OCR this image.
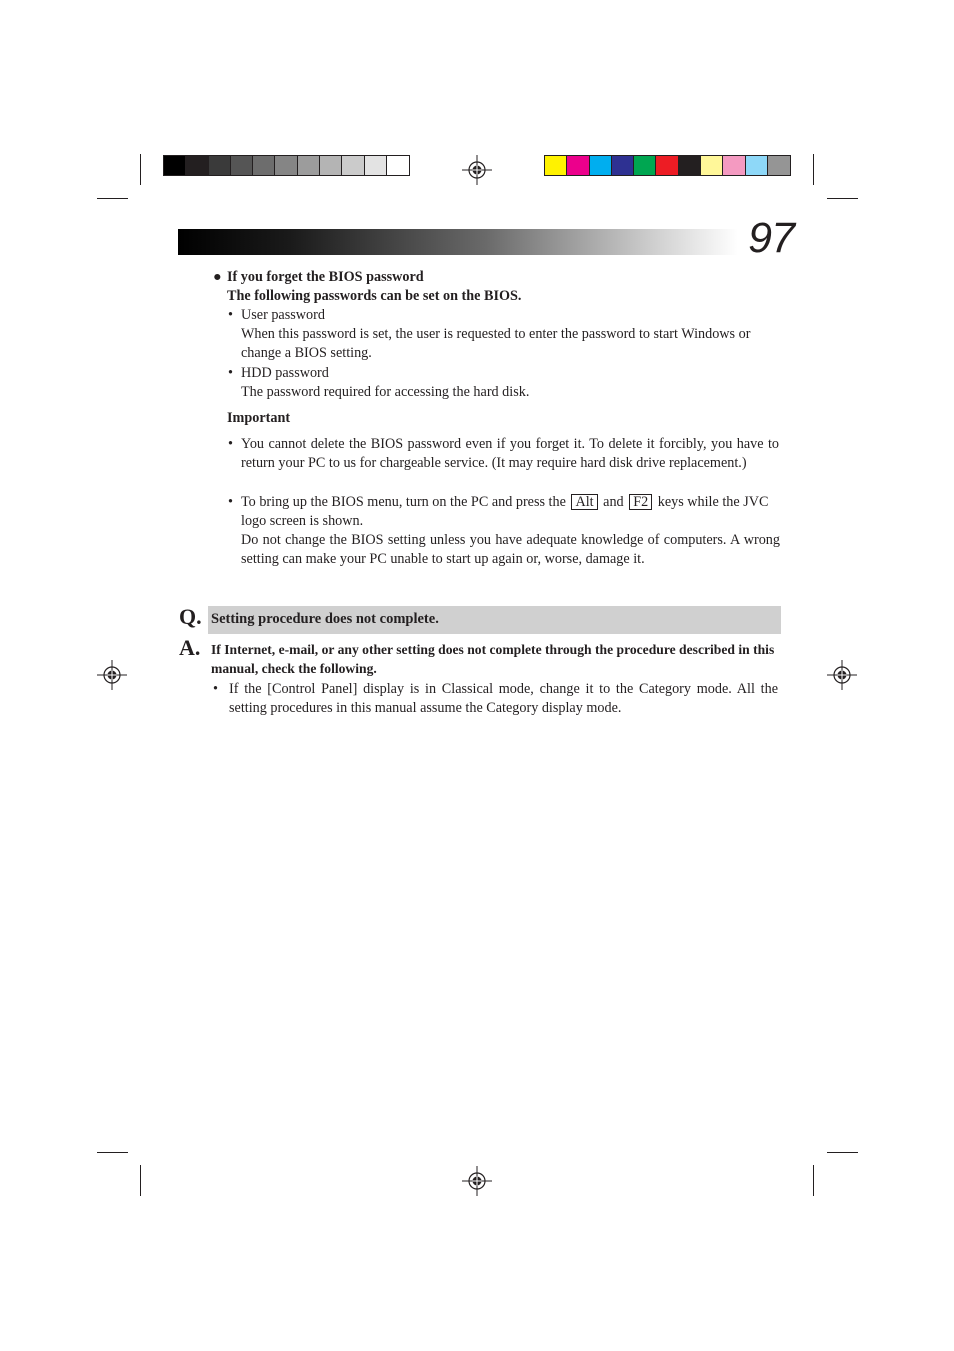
97
● If you forget the BIOS password
The following passwords can be set on the BIOS.
• User password
When this password is set, the user is requested to enter the password to start Windows or change a BIOS setting.
• HDD password
The password required for accessing the hard disk.
Important
• You cannot delete the BIOS password even if you forget it. To delete it forcibly, you have to return your PC to us for chargeable service. (It may require hard disk drive replacement.)
• To bring up the BIOS menu, turn on the PC and press the Alt and F2 keys while the JVC logo screen is shown.
Do not change the BIOS setting unless you have adequate knowledge of computers. A wrong setting can make your PC unable to start up again or, worse, damage it.
Q. Setting procedure does not complete.
A. If Internet, e-mail, or any other setting does not complete through the procedure described in this manual, check the following.
• If the [Control Panel] display is in Classical mode, change it to the Category mode. All the setting procedures in this manual assume the Category display mode.
